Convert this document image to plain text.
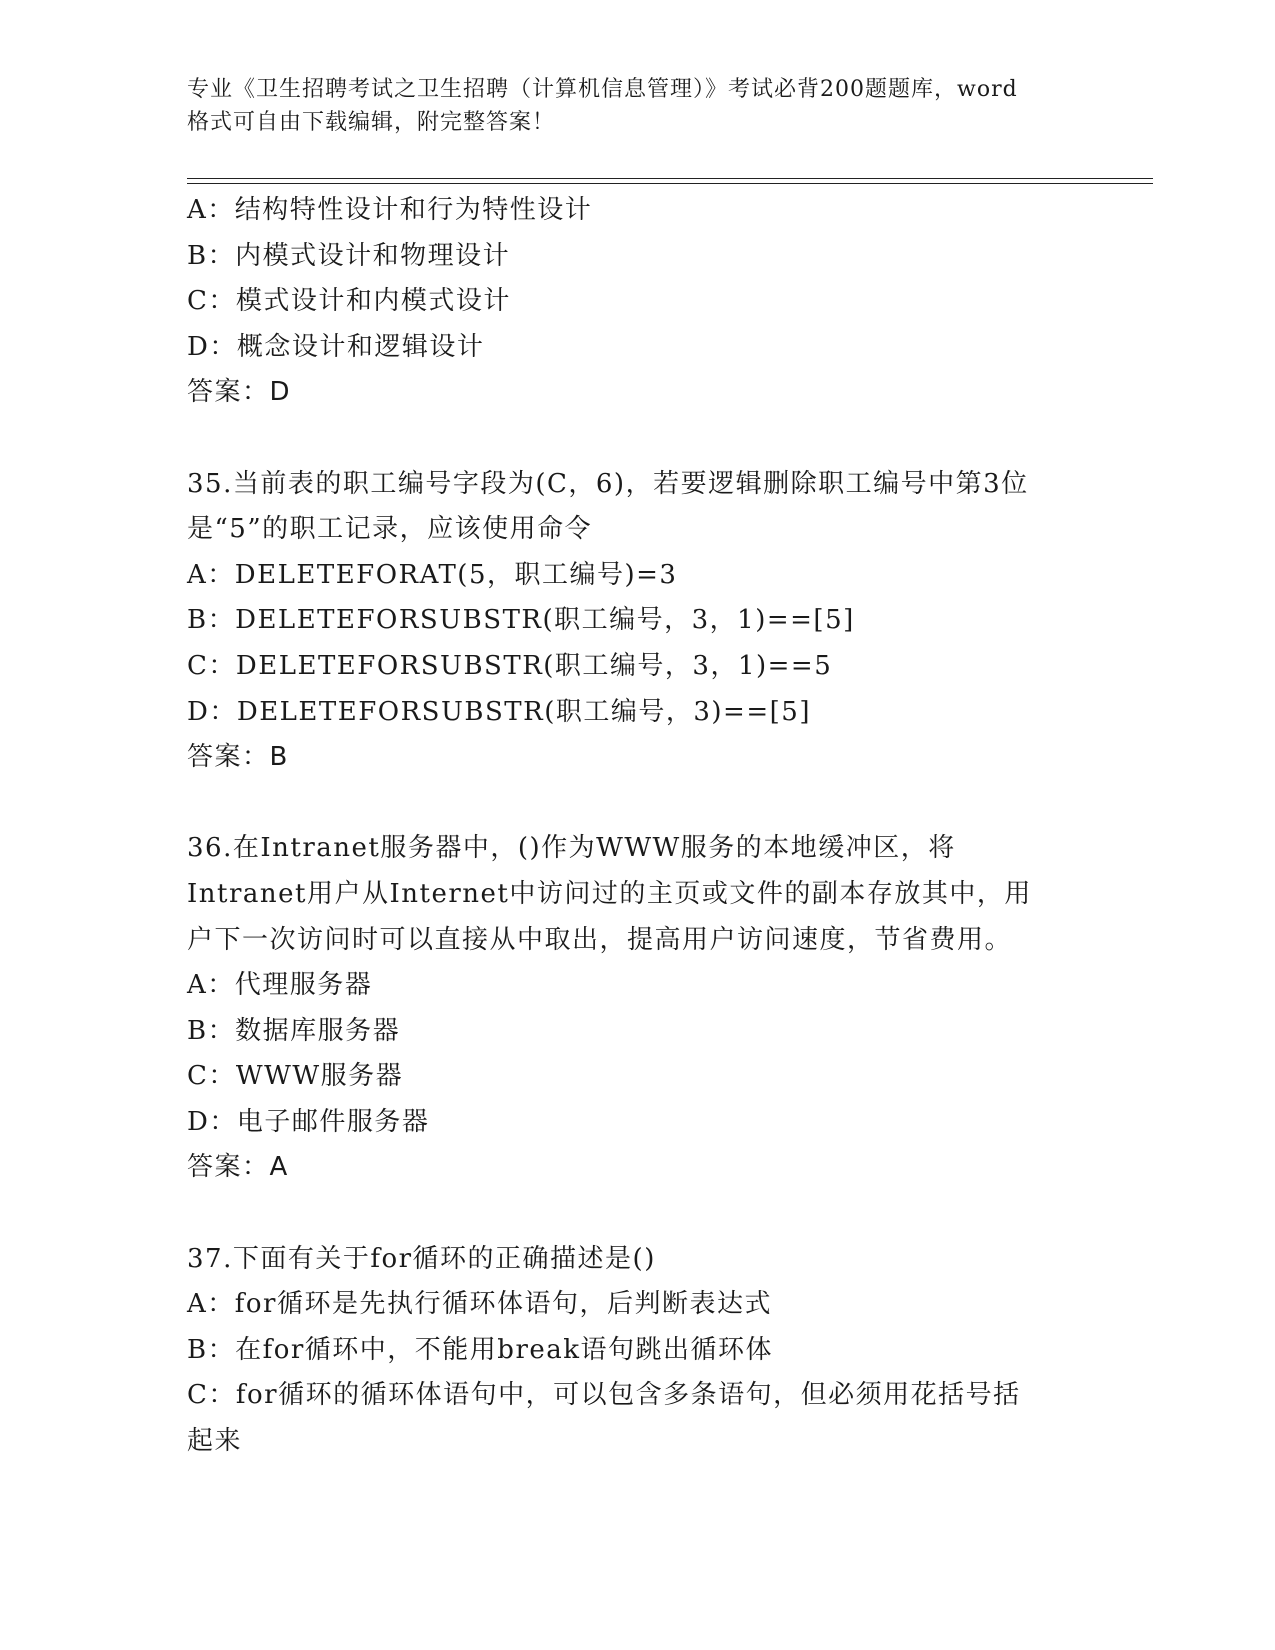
专业《卫生招聘考试之卫生招聘（计算机信息管理）》考试必背200题题库，word
格式可自由下载编辑，附完整答案！
A：结构特性设计和行为特性设计
B：内模式设计和物理设计
C：模式设计和内模式设计
D：概念设计和逻辑设计
答案：D
35.当前表的职工编号字段为(C，6)，若要逻辑删除职工编号中第3位
是“5”的职工记录，应该使用命令
A：DELETEFORAT(5，职工编号)=3
B：DELETEFORSUBSTR(职工编号，3，1)==[5]
C：DELETEFORSUBSTR(职工编号，3，1)==5
D：DELETEFORSUBSTR(职工编号，3)==[5]
答案：B
36.在Intranet服务器中，()作为WWW服务的本地缓冲区，将
Intranet用户从Internet中访问过的主页或文件的副本存放其中，用
户下一次访问时可以直接从中取出，提高用户访问速度，节省费用。
A：代理服务器
B：数据库服务器
C：WWW服务器
D：电子邮件服务器
答案：A
37.下面有关于for循环的正确描述是()
A：for循环是先执行循环体语句，后判断表达式
B：在for循环中，不能用break语句跳出循环体
C：for循环的循环体语句中，可以包含多条语句，但必须用花括号括
起来
